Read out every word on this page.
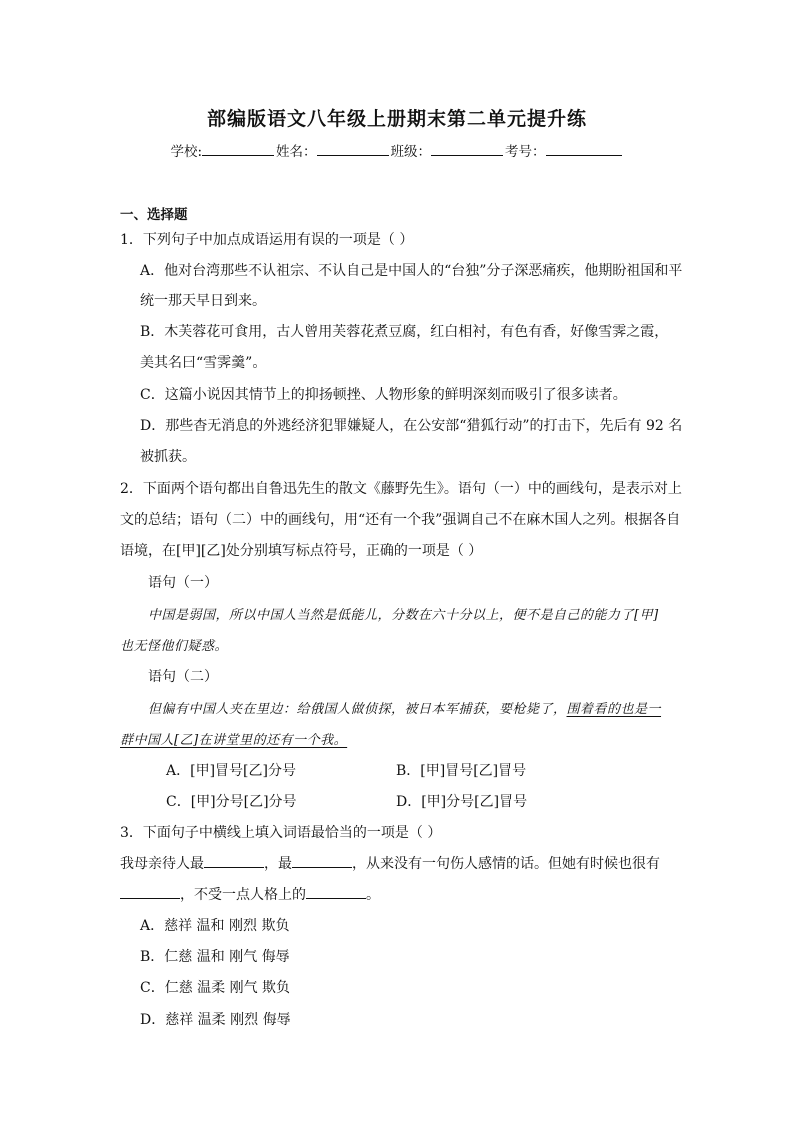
部编版语文八年级上册期末第二单元提升练
学校:	姓名：	班级：	考号：
一、选择题
1．下列句子中加点成语运用有误的一项是（ ）
A．他对台湾那些不认祖宗、不认自己是中国人的“台独”分子深恶痛疾，他期盼祖国和平
统一那天早日到来。
B．木芙蓉花可食用，古人曾用芙蓉花煮豆腐，红白相衬，有色有香，好像雪霁之霞，
美其名曰“雪霁羹”。
C．这篇小说因其情节上的抑扬顿挫、人物形象的鲜明深刻而吸引了很多读者。
D．那些杳无消息的外逃经济犯罪嫌疑人，在公安部“猎狐行动”的打击下，先后有 92 名
被抓获。
2．下面两个语句都出自鲁迅先生的散文《藤野先生》。语句（一）中的画线句，是表示对上
文的总结；语句（二）中的画线句，用“还有一个我”强调自己不在麻木国人之列。根据各自
语境，在[甲][乙]处分别填写标点符号，正确的一项是（ ）
语句（一）
中国是弱国，所以中国人当然是低能儿，分数在六十分以上，便不是自己的能力了[甲]
也无怪他们疑惑。
语句（二）
但偏有中国人夹在里边：给俄国人做侦探，被日本军捕获，要枪毙了，围着看的也是一
群中国人[乙]在讲堂里的还有一个我。
A．[甲]冒号[乙]分号	B．[甲]冒号[乙]冒号
C．[甲]分号[乙]分号	D．[甲]分号[乙]冒号
3．下面句子中横线上填入词语最恰当的一项是（ ）
我母亲待人最	，最	，从来没有一句伤人感情的话。但她有时候也很有
，不受一点人格上的	。
A．慈祥 温和 刚烈 欺负
B．仁慈 温和 刚气 侮辱
C．仁慈 温柔 刚气 欺负
D．慈祥 温柔 刚烈 侮辱
